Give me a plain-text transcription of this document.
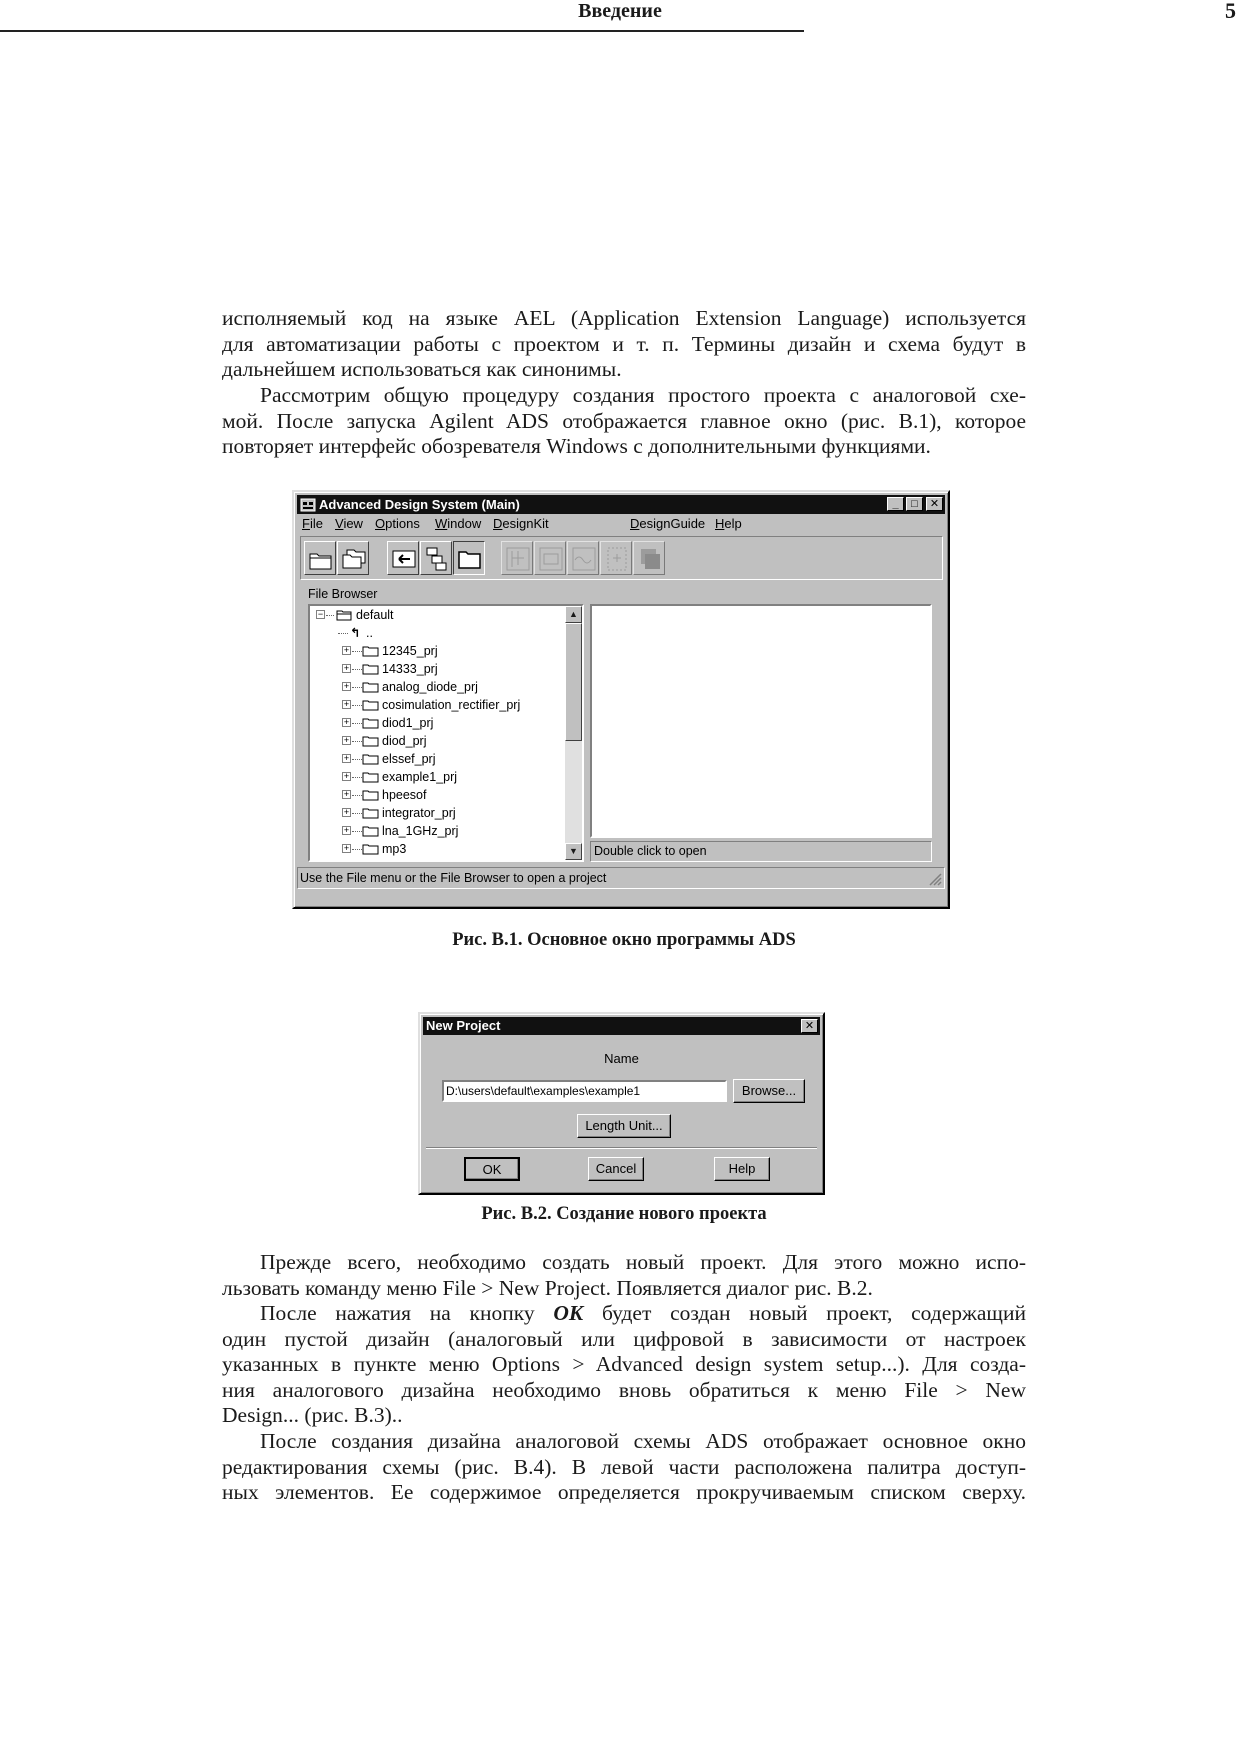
Введение	5
исполняемый код на языке AEL (Application Extension Language) используется
для автоматизации работы с проектом и т. п. Термины дизайн и схема будут в
дальнейшем использоваться как синонимы.
Рассмотрим общую процедуру создания простого проекта с аналоговой схе-
мой. После запуска Agilent ADS отображается главное окно (рис. В.1), которое
повторяет интерфейс обозревателя Windows с дополнительными функциями.
Advanced Design System (Main)	_	□	✕
File View Options Window DesignKit	DesignGuide Help
File Browser
−	default
↰ ..
+	12345_prj
+	14333_prj
+	analog_diode_prj
+	cosimulation_rectifier_prj
+	diod1_prj
+	diod_prj
+	elssef_prj
+	example1_prj
+	hpeesof
+	integrator_prj
+	lna_1GHz_prj
+	mp3
▲
▼	Double click to open
Use the File menu or the File Browser to open a project
Рис. В.1. Основное окно программы ADS
New Project	✕
Name
D:\users\default\examples\example1
Browse...
Length Unit...
OK	Cancel	Help
Рис. В.2. Создание нового проекта
Прежде всего, необходимо создать новый проект. Для этого можно испо-
льзовать команду меню File > New Project. Появляется диалог рис. В.2.
После нажатия на кнопку OK будет создан новый проект, содержащий
один пустой дизайн (аналоговый или цифровой в зависимости от настроек
указанных в пункте меню Options > Advanced design system setup...). Для созда-
ния аналогового дизайна необходимо вновь обратиться к меню File > New
Design... (рис. В.3)..
После создания дизайна аналоговой схемы ADS отображает основное окно
редактирования схемы (рис. В.4). В левой части расположена палитра доступ-
ных элементов. Ее содержимое определяется прокручиваемым списком сверху.
